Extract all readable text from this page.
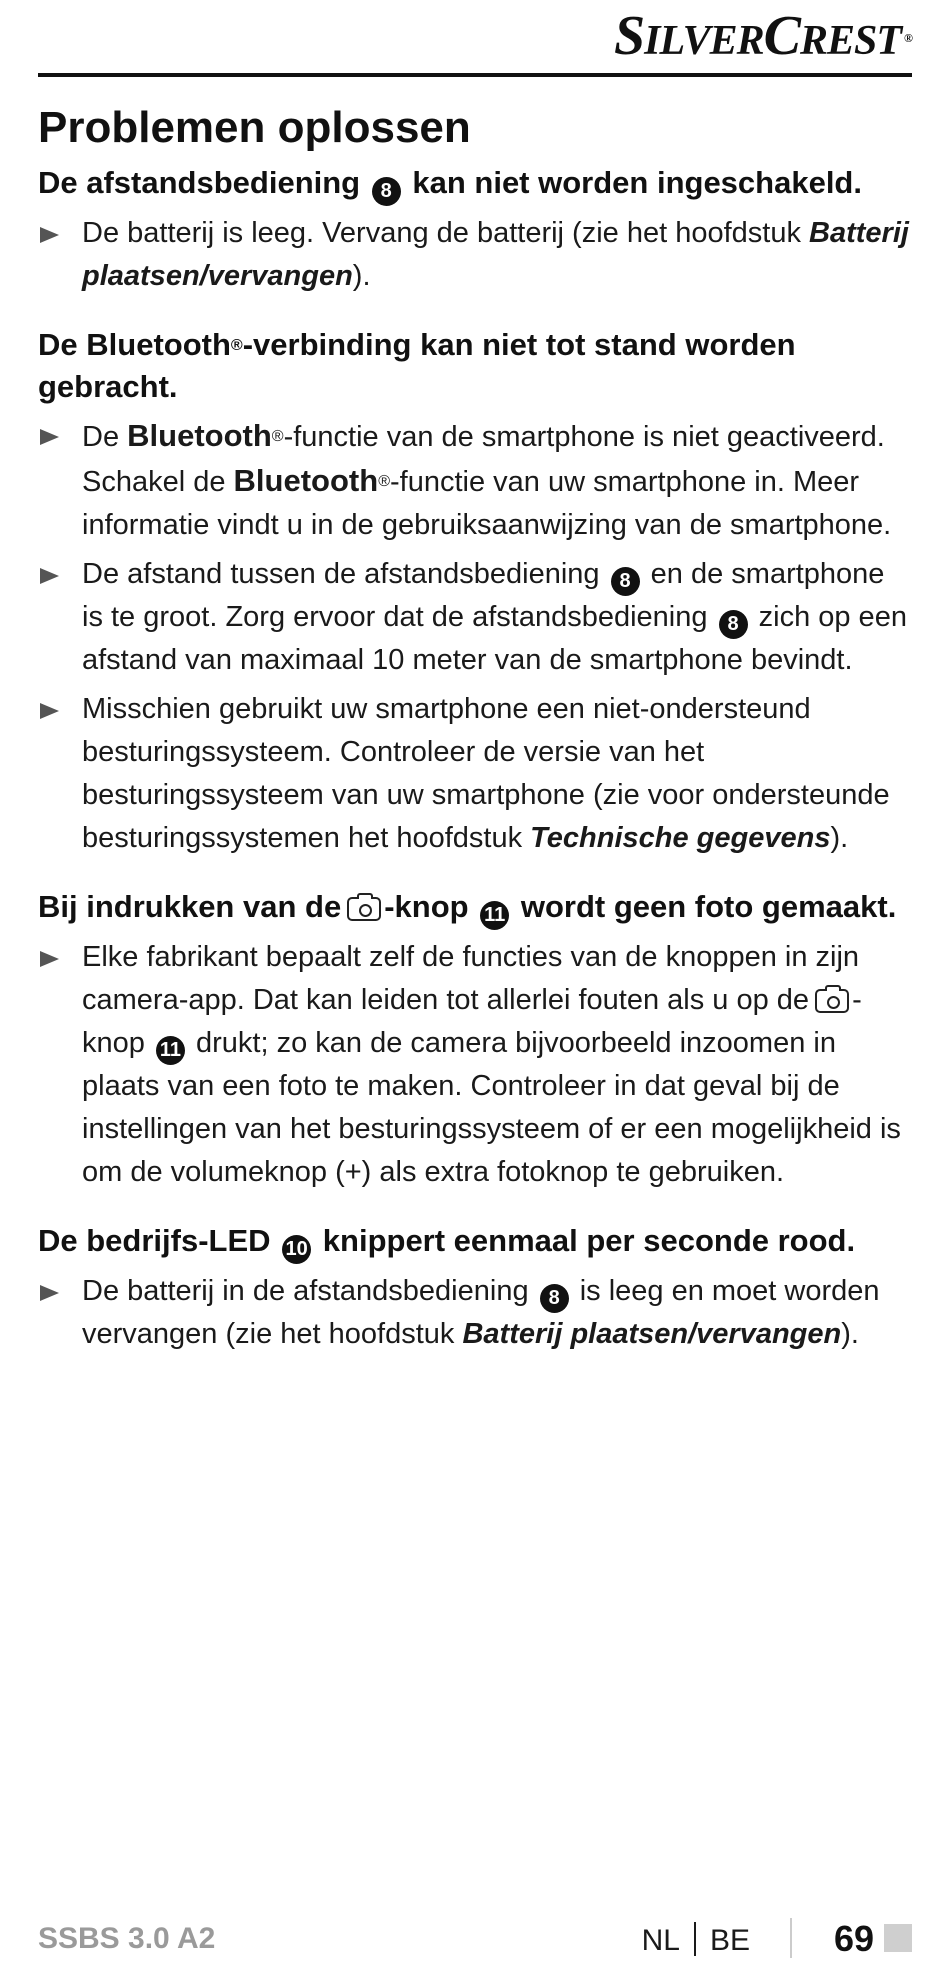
SILVERCREST ®
Problemen oplossen
De afstandsbediening 8 kan niet worden ingeschakeld.
De batterij is leeg. Vervang de batterij (zie het hoofdstuk Batterij plaatsen/vervangen).
De Bluetooth®-verbinding kan niet tot stand worden gebracht.
De Bluetooth®-functie van de smartphone is niet geactiveerd. Schakel de Bluetooth®-functie van uw smartphone in. Meer informatie vindt u in de gebruiksaanwijzing van de smartphone.
De afstand tussen de afstandsbediening 8 en de smartphone is te groot. Zorg ervoor dat de afstandsbediening 8 zich op een afstand van maximaal 10 meter van de smartphone bevindt.
Misschien gebruikt uw smartphone een niet-ondersteund besturingssysteem. Controleer de versie van het besturingssysteem van uw smartphone (zie voor ondersteunde besturingssystemen het hoofdstuk Technische gegevens).
Bij indrukken van de -knop 11 wordt geen foto gemaakt.
Elke fabrikant bepaalt zelf de functies van de knoppen in zijn camera-app. Dat kan leiden tot allerlei fouten als u op de -knop 11 drukt; zo kan de camera bijvoorbeeld inzoomen in plaats van een foto te maken. Controleer in dat geval bij de instellingen van het besturingssysteem of er een mogelijkheid is om de volumeknop (+) als extra fotoknop te gebruiken.
De bedrijfs-LED 10 knippert eenmaal per seconde rood.
De batterij in de afstandsbediening 8 is leeg en moet worden vervangen (zie het hoofdstuk Batterij plaatsen/vervangen).
SSBS 3.0 A2	NL BE 69
